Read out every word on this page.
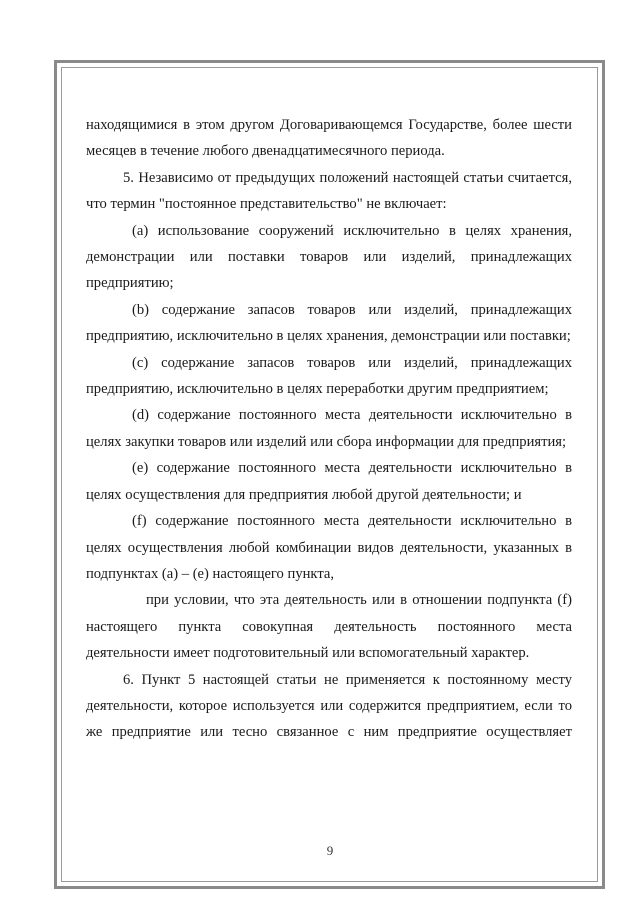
находящимися в этом другом Договаривающемся Государстве, более шести месяцев в течение любого двенадцатимесячного периода.

5. Независимо от предыдущих положений настоящей статьи считается, что термин "постоянное представительство" не включает:

(a) использование сооружений исключительно в целях хранения, демонстрации или поставки товаров или изделий, принадлежащих предприятию;

(b) содержание запасов товаров или изделий, принадлежащих предприятию, исключительно в целях хранения, демонстрации или поставки;

(c) содержание запасов товаров или изделий, принадлежащих предприятию, исключительно в целях переработки другим предприятием;

(d) содержание постоянного места деятельности исключительно в целях закупки товаров или изделий или сбора информации для предприятия;

(e) содержание постоянного места деятельности исключительно в целях осуществления для предприятия любой другой деятельности; и

(f) содержание постоянного места деятельности исключительно в целях осуществления любой комбинации видов деятельности, указанных в подпунктах (a) – (e) настоящего пункта,

при условии, что эта деятельность или в отношении подпункта (f) настоящего пункта совокупная деятельность постоянного места деятельности имеет подготовительный или вспомогательный характер.

6. Пункт 5 настоящей статьи не применяется к постоянному месту деятельности, которое используется или содержится предприятием, если то же предприятие или тесно связанное с ним предприятие осуществляет

9
